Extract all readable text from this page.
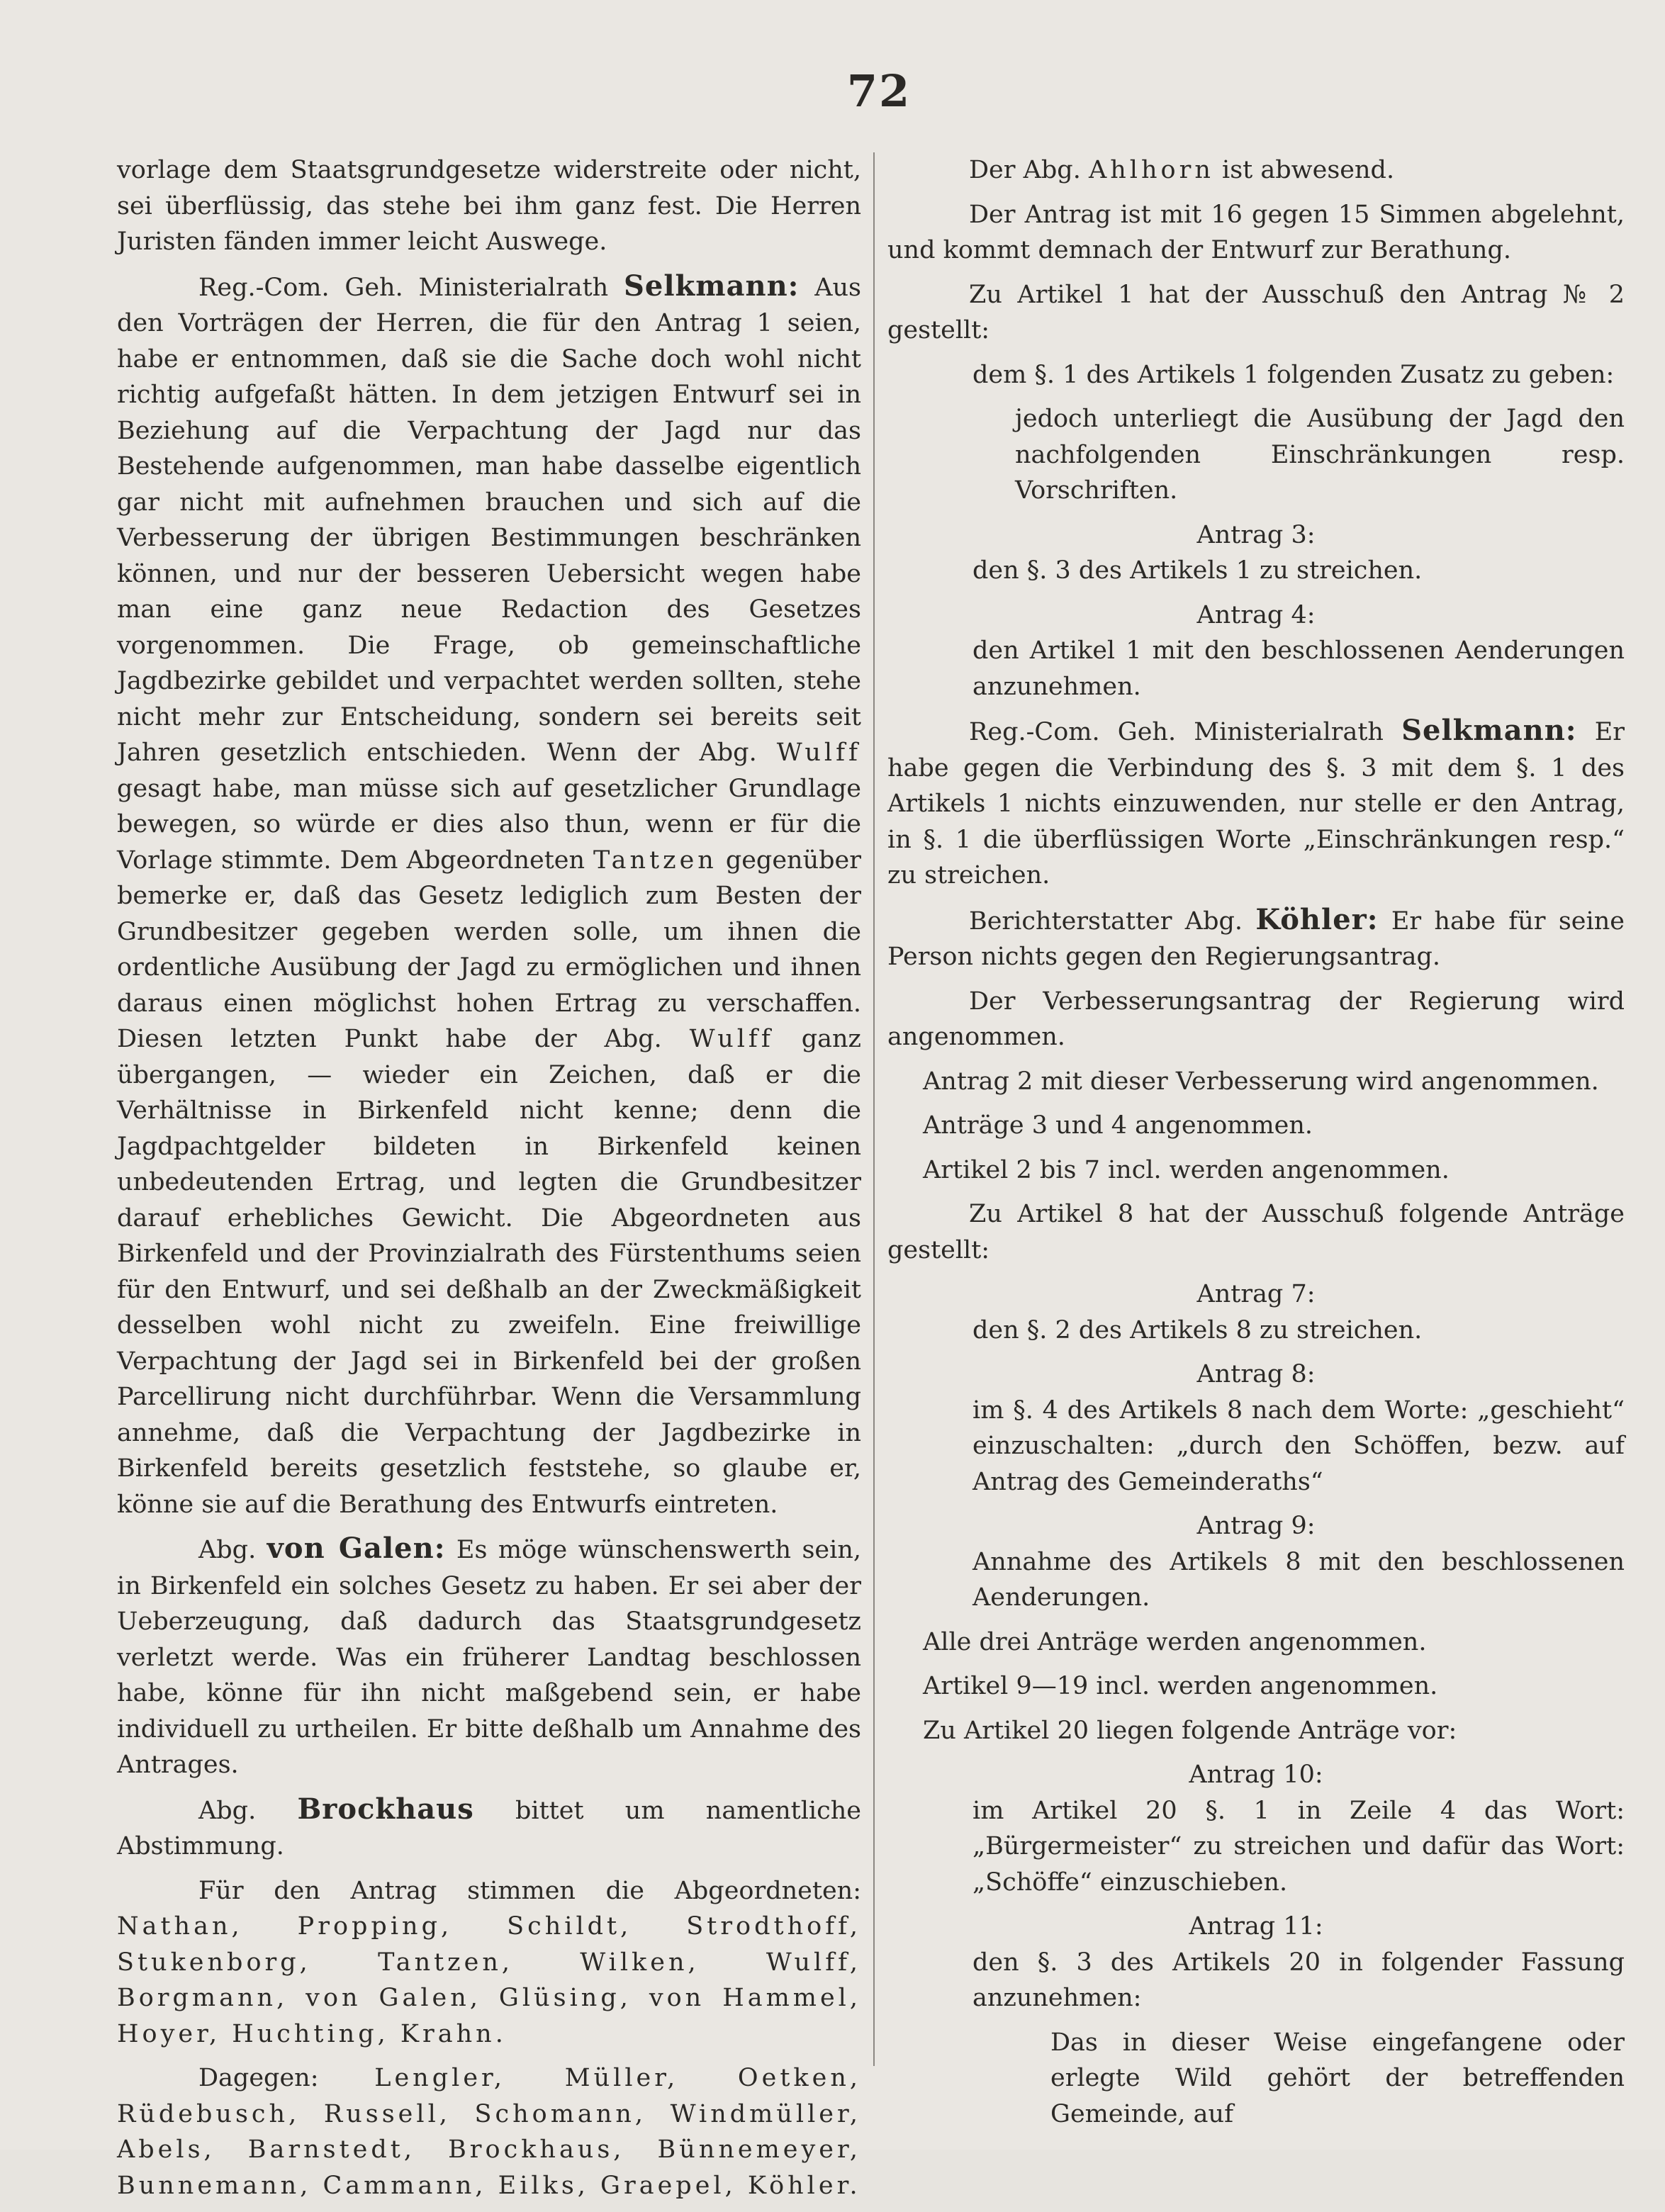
72

vorlage dem Staatsgrundgesetze widerstreite oder nicht, sei überflüssig, das stehe bei ihm ganz fest. Die Herren Juristen fänden immer leicht Auswege.

Reg.-Com. Geh. Ministerialrath Selkmann: Aus den Vorträgen der Herren, die für den Antrag 1 seien, habe er entnommen, daß sie die Sache doch wohl nicht richtig aufgefaßt hätten. In dem jetzigen Entwurf sei in Beziehung auf die Verpachtung der Jagd nur das Bestehende aufgenommen, man habe dasselbe eigentlich gar nicht mit aufnehmen brauchen und sich auf die Verbesserung der übrigen Bestimmungen beschränken können, und nur der besseren Uebersicht wegen habe man eine ganz neue Redaction des Gesetzes vorgenommen. Die Frage, ob gemeinschaftliche Jagdbezirke gebildet und verpachtet werden sollten, stehe nicht mehr zur Entscheidung, sondern sei bereits seit Jahren gesetzlich entschieden. Wenn der Abg. Wulff gesagt habe, man müsse sich auf gesetzlicher Grundlage bewegen, so würde er dies also thun, wenn er für die Vorlage stimmte. Dem Abgeordneten Tantzen gegenüber bemerke er, daß das Gesetz lediglich zum Besten der Grundbesitzer gegeben werden solle, um ihnen die ordentliche Ausübung der Jagd zu ermöglichen und ihnen daraus einen möglichst hohen Ertrag zu verschaffen. Diesen letzten Punkt habe der Abg. Wulff ganz übergangen, — wieder ein Zeichen, daß er die Verhältnisse in Birkenfeld nicht kenne; denn die Jagdpachtgelder bildeten in Birkenfeld keinen unbedeutenden Ertrag, und legten die Grundbesitzer darauf erhebliches Gewicht. Die Abgeordneten aus Birkenfeld und der Provinzialrath des Fürstenthums seien für den Entwurf, und sei deßhalb an der Zweckmäßigkeit desselben wohl nicht zu zweifeln. Eine freiwillige Verpachtung der Jagd sei in Birkenfeld bei der großen Parcellirung nicht durchführbar. Wenn die Versammlung annehme, daß die Verpachtung der Jagdbezirke in Birkenfeld bereits gesetzlich feststehe, so glaube er, könne sie auf die Berathung des Entwurfs eintreten.

Abg. von Galen: Es möge wünschenswerth sein, in Birkenfeld ein solches Gesetz zu haben. Er sei aber der Ueberzeugung, daß dadurch das Staatsgrundgesetz verletzt werde. Was ein früherer Landtag beschlossen habe, könne für ihn nicht maßgebend sein, er habe individuell zu urtheilen. Er bitte deßhalb um Annahme des Antrages.

Abg. Brockhaus bittet um namentliche Abstimmung.

Für den Antrag stimmen die Abgeordneten: Nathan, Propping, Schildt, Strodthoff, Stukenborg, Tantzen, Wilken, Wulff, Borgmann, von Galen, Glüsing, von Hammel, Hoyer, Huchting, Krahn.

Dagegen: Lengler, Müller, Oetken, Rüdebusch, Russell, Schomann, Windmüller, Abels, Barnstedt, Brockhaus, Bünnemeyer, Bunnemann, Cammann, Eilks, Graepel, Köhler.

Der Abg. Ahlhorn ist abwesend.

Der Antrag ist mit 16 gegen 15 Simmen abgelehnt, und kommt demnach der Entwurf zur Berathung.

Zu Artikel 1 hat der Ausschuß den Antrag № 2 gestellt:

dem §. 1 des Artikels 1 folgenden Zusatz zu geben:

jedoch unterliegt die Ausübung der Jagd den nachfolgenden Einschränkungen resp. Vorschriften.

Antrag 3:

den §. 3 des Artikels 1 zu streichen.

Antrag 4:

den Artikel 1 mit den beschlossenen Aenderungen anzunehmen.

Reg.-Com. Geh. Ministerialrath Selkmann: Er habe gegen die Verbindung des §. 3 mit dem §. 1 des Artikels 1 nichts einzuwenden, nur stelle er den Antrag, in §. 1 die überflüssigen Worte „Einschränkungen resp.“ zu streichen.

Berichterstatter Abg. Köhler: Er habe für seine Person nichts gegen den Regierungsantrag.

Der Verbesserungsantrag der Regierung wird angenommen.

Antrag 2 mit dieser Verbesserung wird angenommen.

Anträge 3 und 4 angenommen.

Artikel 2 bis 7 incl. werden angenommen.

Zu Artikel 8 hat der Ausschuß folgende Anträge gestellt:

Antrag 7:

den §. 2 des Artikels 8 zu streichen.

Antrag 8:

im §. 4 des Artikels 8 nach dem Worte: „geschieht“ einzuschalten: „durch den Schöffen, bezw. auf Antrag des Gemeinderaths“

Antrag 9:

Annahme des Artikels 8 mit den beschlossenen Aenderungen.

Alle drei Anträge werden angenommen.

Artikel 9—19 incl. werden angenommen.

Zu Artikel 20 liegen folgende Anträge vor:

Antrag 10:

im Artikel 20 §. 1 in Zeile 4 das Wort: „Bürgermeister“ zu streichen und dafür das Wort: „Schöffe“ einzuschieben.

Antrag 11:

den §. 3 des Artikels 20 in folgender Fassung anzunehmen:

Das in dieser Weise eingefangene oder erlegte Wild gehört der betreffenden Gemeinde, auf
